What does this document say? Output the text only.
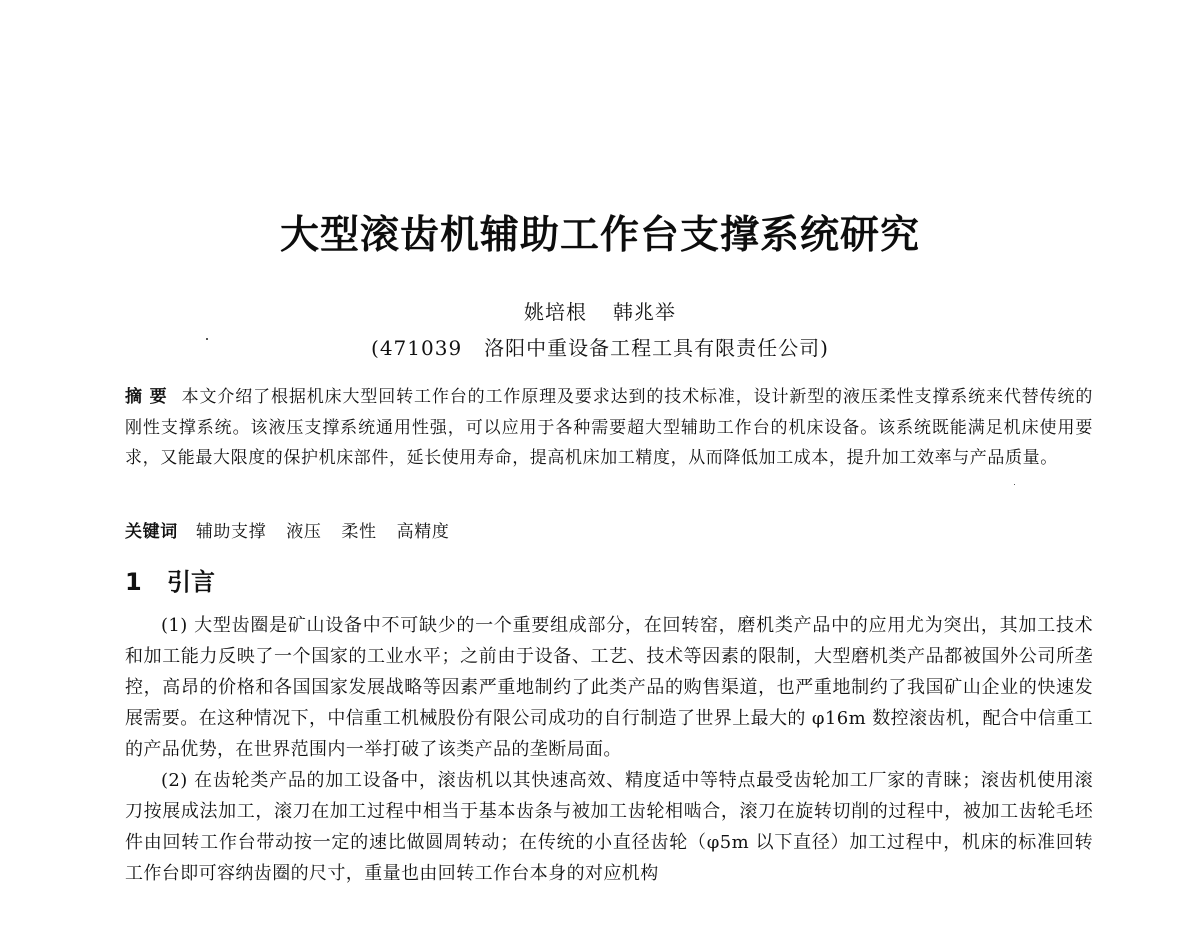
大型滚齿机辅助工作台支撑系统研究
姚培根 韩兆举
(471039 洛阳中重设备工程工具有限责任公司)
摘 要 本文介绍了根据机床大型回转工作台的工作原理及要求达到的技术标准，设计新型的液压柔性支撑系统来代替传统的刚性支撑系统。该液压支撑系统通用性强，可以应用于各种需要超大型辅助工作台的机床设备。该系统既能满足机床使用要求，又能最大限度的保护机床部件，延长使用寿命，提高机床加工精度，从而降低加工成本，提升加工效率与产品质量。
关键词 辅助支撑 液压 柔性 高精度
1 引言

(1) 大型齿圈是矿山设备中不可缺少的一个重要组成部分，在回转窑，磨机类产品中的应用尤为突出，其加工技术和加工能力反映了一个国家的工业水平；之前由于设备、工艺、技术等因素的限制，大型磨机类产品都被国外公司所垄控，高昂的价格和各国国家发展战略等因素严重地制约了此类产品的购售渠道，也严重地制约了我国矿山企业的快速发展需要。在这种情况下，中信重工机械股份有限公司成功的自行制造了世界上最大的 φ16m 数控滚齿机，配合中信重工的产品优势，在世界范围内一举打破了该类产品的垄断局面。

(2) 在齿轮类产品的加工设备中，滚齿机以其快速高效、精度适中等特点最受齿轮加工厂家的青睐；滚齿机使用滚刀按展成法加工，滚刀在加工过程中相当于基本齿条与被加工齿轮相啮合，滚刀在旋转切削的过程中，被加工齿轮毛坯件由回转工作台带动按一定的速比做圆周转动；在传统的小直径齿轮（φ5m 以下直径）加工过程中，机床的标准回转工作台即可容纳齿圈的尺寸，重量也由回转工作台本身的对应机构
